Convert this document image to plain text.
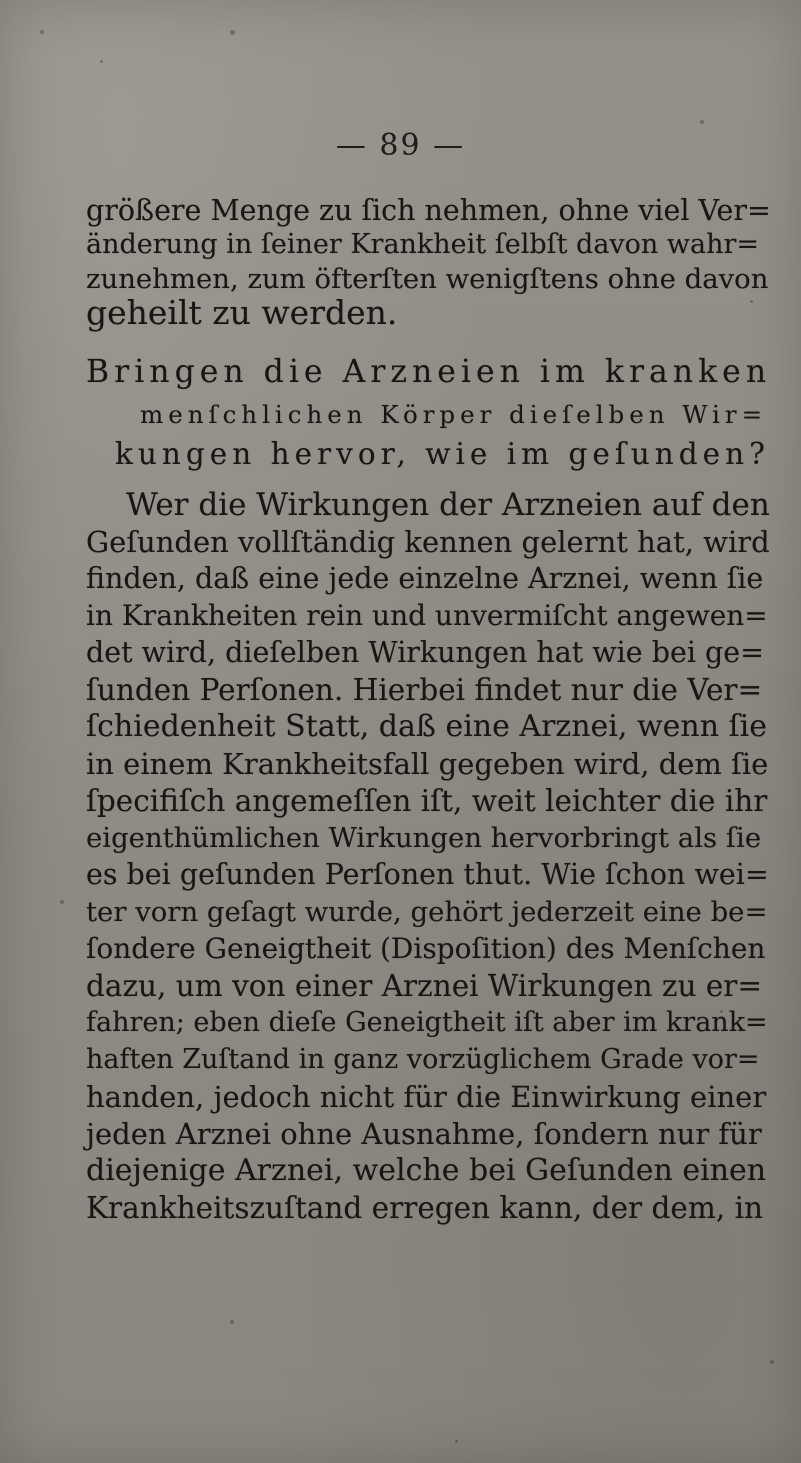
— 89 —
größere Menge zu ſich nehmen, ohne viel Ver=
änderung in ſeiner Krankheit ſelbſt davon wahr=
zunehmen, zum öfterſten wenigſtens ohne davon
geheilt zu werden.
Bringen die Arzneien im kranken
menſchlichen Körper dieſelben Wir=
kungen hervor, wie im geſunden?
Wer die Wirkungen der Arzneien auf den
Geſunden vollſtändig kennen gelernt hat, wird
finden, daß eine jede einzelne Arznei, wenn ſie
in Krankheiten rein und unvermiſcht angewen=
det wird, dieſelben Wirkungen hat wie bei ge=
ſunden Perſonen. Hierbei findet nur die Ver=
ſchiedenheit Statt, daß eine Arznei, wenn ſie
in einem Krankheitsfall gegeben wird, dem ſie
ſpecifiſch angemeſſen iſt, weit leichter die ihr
eigenthümlichen Wirkungen hervorbringt als ſie
es bei geſunden Perſonen thut. Wie ſchon wei=
ter vorn geſagt wurde, gehört jederzeit eine be=
ſondere Geneigtheit (Dispoſition) des Menſchen
dazu, um von einer Arznei Wirkungen zu er=
fahren; eben dieſe Geneigtheit iſt aber im krank=
haften Zuſtand in ganz vorzüglichem Grade vor=
handen, jedoch nicht für die Einwirkung einer
jeden Arznei ohne Ausnahme, ſondern nur für
diejenige Arznei, welche bei Geſunden einen
Krankheitszuſtand erregen kann, der dem, in
